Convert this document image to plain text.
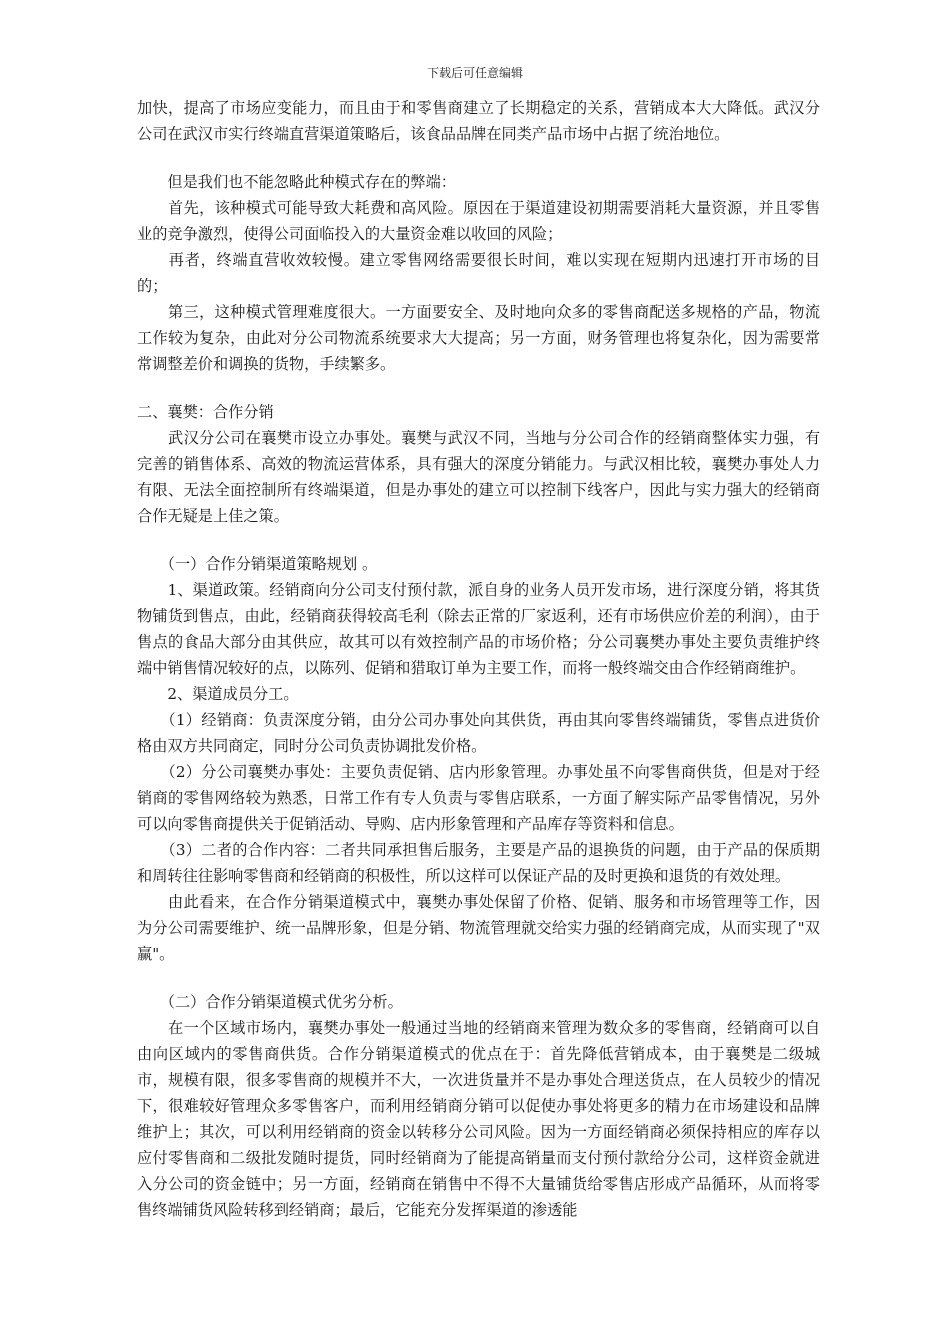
下载后可任意编辑

加快，提高了市场应变能力，而且由于和零售商建立了长期稳定的关系，营销成本大大降低。武汉分公司在武汉市实行终端直营渠道策略后，该食品品牌在同类产品市场中占据了统治地位。

　　但是我们也不能忽略此种模式存在的弊端：

　　首先，该种模式可能导致大耗费和高风险。原因在于渠道建设初期需要消耗大量资源，并且零售业的竞争激烈，使得公司面临投入的大量资金难以收回的风险；

　　再者，终端直营收效较慢。建立零售网络需要很长时间，难以实现在短期内迅速打开市场的目的；

　　第三，这种模式管理难度很大。一方面要安全、及时地向众多的零售商配送多规格的产品，物流工作较为复杂，由此对分公司物流系统要求大大提高；另一方面，财务管理也将复杂化，因为需要常常调整差价和调换的货物，手续繁多。

二、襄樊：合作分销

　　武汉分公司在襄樊市设立办事处。襄樊与武汉不同，当地与分公司合作的经销商整体实力强，有完善的销售体系、高效的物流运营体系，具有强大的深度分销能力。与武汉相比较，襄樊办事处人力有限、无法全面控制所有终端渠道，但是办事处的建立可以控制下线客户，因此与实力强大的经销商合作无疑是上佳之策。

　　（一）合作分销渠道策略规划 。

　　1、渠道政策。经销商向分公司支付预付款，派自身的业务人员开发市场，进行深度分销，将其货物铺货到售点，由此，经销商获得较高毛利（除去正常的厂家返利，还有市场供应价差的利润），由于售点的食品大部分由其供应，故其可以有效控制产品的市场价格；分公司襄樊办事处主要负责维护终端中销售情况较好的点，以陈列、促销和猎取订单为主要工作，而将一般终端交由合作经销商维护。

　　2、渠道成员分工。

　　（1）经销商：负责深度分销，由分公司办事处向其供货，再由其向零售终端铺货，零售点进货价格由双方共同商定，同时分公司负责协调批发价格。

　　（2）分公司襄樊办事处：主要负责促销、店内形象管理。办事处虽不向零售商供货，但是对于经销商的零售网络较为熟悉，日常工作有专人负责与零售店联系，一方面了解实际产品零售情况，另外可以向零售商提供关于促销活动、导购、店内形象管理和产品库存等资料和信息。

　　（3）二者的合作内容：二者共同承担售后服务，主要是产品的退换货的问题，由于产品的保质期和周转往往影响零售商和经销商的积极性，所以这样可以保证产品的及时更换和退货的有效处理。

　　由此看来，在合作分销渠道模式中，襄樊办事处保留了价格、促销、服务和市场管理等工作，因为分公司需要维护、统一品牌形象，但是分销、物流管理就交给实力强的经销商完成，从而实现了"双赢"。

　　（二）合作分销渠道模式优劣分析。

　　在一个区域市场内，襄樊办事处一般通过当地的经销商来管理为数众多的零售商，经销商可以自由向区域内的零售商供货。合作分销渠道模式的优点在于：首先降低营销成本，由于襄樊是二级城市，规模有限，很多零售商的规模并不大，一次进货量并不是办事处合理送货点，在人员较少的情况下，很难较好管理众多零售客户，而利用经销商分销可以促使办事处将更多的精力在市场建设和品牌维护上；其次，可以利用经销商的资金以转移分公司风险。因为一方面经销商必须保持相应的库存以应付零售商和二级批发随时提货，同时经销商为了能提高销量而支付预付款给分公司，这样资金就进入分公司的资金链中；另一方面，经销商在销售中不得不大量铺货给零售店形成产品循环，从而将零售终端铺货风险转移到经销商；最后，它能充分发挥渠道的渗透能
